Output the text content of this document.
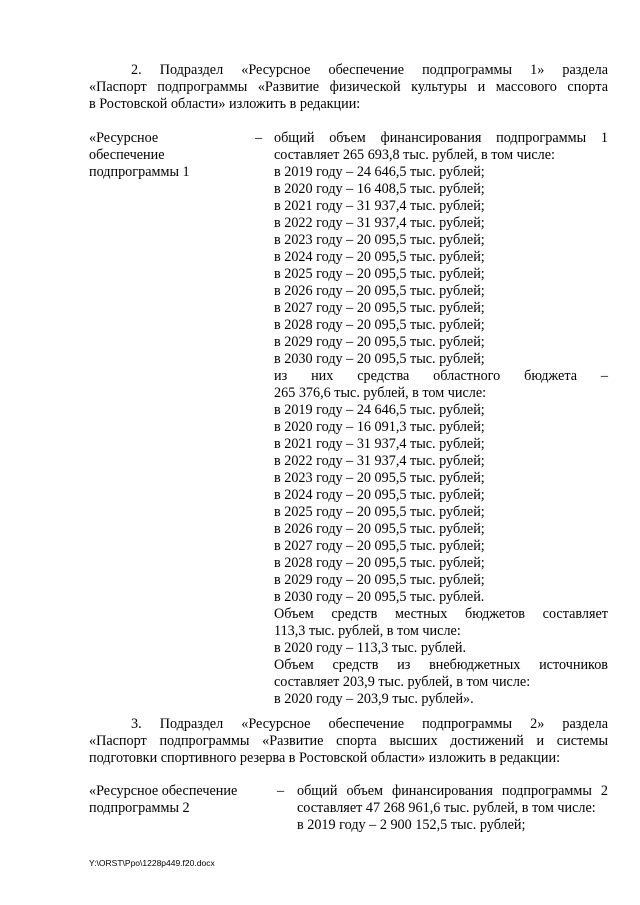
2. Подраздел «Ресурсное обеспечение подпрограммы 1» раздела
«Паспорт подпрограммы «Развитие физической культуры и массового спорта
в Ростовской области» изложить в редакции:
«Ресурсное
обеспечение
подпрограммы 1
– общий объем финансирования подпрограммы 1
составляет 265 693,8 тыс. рублей, в том числе:
в 2019 году – 24 646,5 тыс. рублей;
в 2020 году – 16 408,5 тыс. рублей;
в 2021 году – 31 937,4 тыс. рублей;
в 2022 году – 31 937,4 тыс. рублей;
в 2023 году – 20 095,5 тыс. рублей;
в 2024 году – 20 095,5 тыс. рублей;
в 2025 году – 20 095,5 тыс. рублей;
в 2026 году – 20 095,5 тыс. рублей;
в 2027 году – 20 095,5 тыс. рублей;
в 2028 году – 20 095,5 тыс. рублей;
в 2029 году – 20 095,5 тыс. рублей;
в 2030 году – 20 095,5 тыс. рублей;
из них средства областного бюджета –
265 376,6 тыс. рублей, в том числе:
в 2019 году – 24 646,5 тыс. рублей;
в 2020 году – 16 091,3 тыс. рублей;
в 2021 году – 31 937,4 тыс. рублей;
в 2022 году – 31 937,4 тыс. рублей;
в 2023 году – 20 095,5 тыс. рублей;
в 2024 году – 20 095,5 тыс. рублей;
в 2025 году – 20 095,5 тыс. рублей;
в 2026 году – 20 095,5 тыс. рублей;
в 2027 году – 20 095,5 тыс. рублей;
в 2028 году – 20 095,5 тыс. рублей;
в 2029 году – 20 095,5 тыс. рублей;
в 2030 году – 20 095,5 тыс. рублей.
Объем средств местных бюджетов составляет
113,3 тыс. рублей, в том числе:
в 2020 году – 113,3 тыс. рублей.
Объем средств из внебюджетных источников
составляет 203,9 тыс. рублей, в том числе:
в 2020 году – 203,9 тыс. рублей».
3. Подраздел «Ресурсное обеспечение подпрограммы 2» раздела
«Паспорт подпрограммы «Развитие спорта высших достижений и системы
подготовки спортивного резерва в Ростовской области» изложить в редакции:
«Ресурсное обеспечение
подпрограммы 2
– общий объем финансирования подпрограммы 2
составляет 47 268 961,6 тыс. рублей, в том числе:
в 2019 году – 2 900 152,5 тыс. рублей;
Y:\ORST\Ppo\1228p449.f20.docx
